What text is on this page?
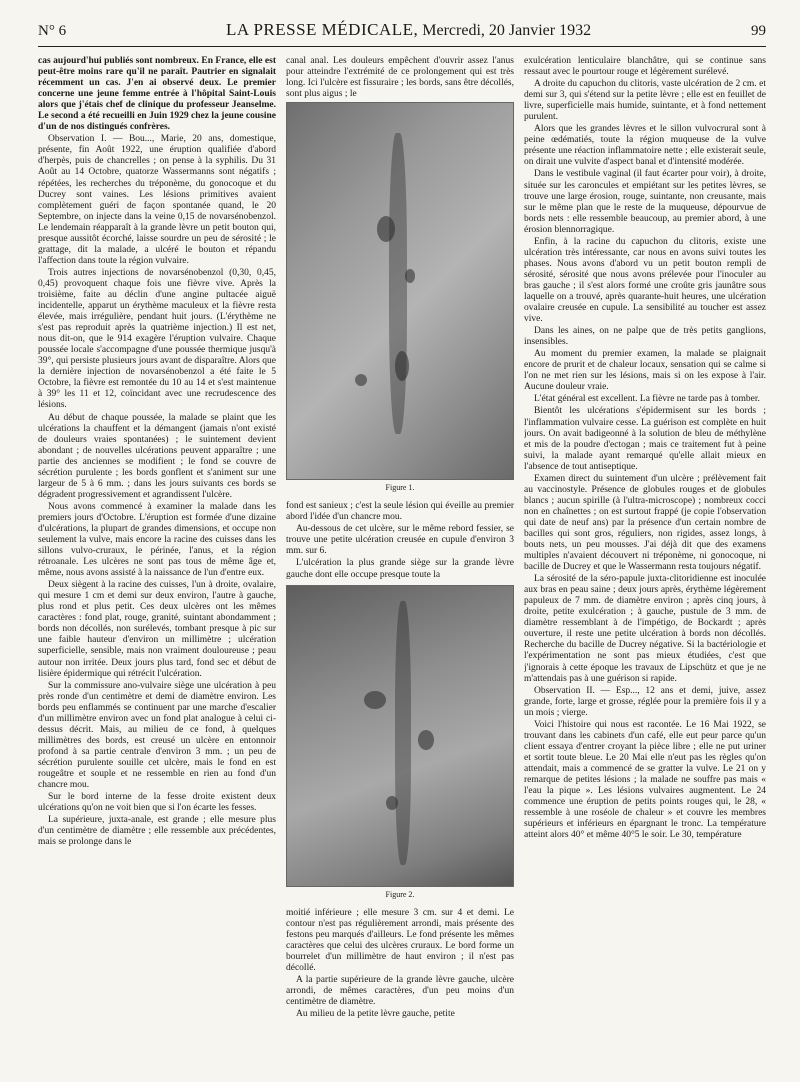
N° 6	LA PRESSE MÉDICALE, Mercredi, 20 Janvier 1932	99

cas aujourd'hui publiés sont nombreux. En France, elle est peut-être moins rare qu'il ne paraît. Pautrier en signalait récemment un cas. J'en ai observé deux. Le premier concerne une jeune femme entrée à l'hôpital Saint-Louis alors que j'étais chef de clinique du professeur Jeanselme. Le second a été recueilli en Juin 1929 chez la jeune cousine d'un de nos distingués confrères.

Observation I. — Bou..., Marie, 20 ans, domestique, présente, fin Août 1922, une éruption qualifiée d'abord d'herpès, puis de chancrelles ; on pense à la syphilis. Du 31 Août au 14 Octobre, quatorze Wassermanns sont négatifs ; répétées, les recherches du tréponème, du gonocoque et du Ducrey sont vaines. Les lésions primitives avaient complètement guéri de façon spontanée quand, le 20 Septembre, on injecte dans la veine 0,15 de novarsénobenzol. Le lendemain réapparaît à la grande lèvre un petit bouton qui, presque aussitôt écorché, laisse sourdre un peu de sérosité ; le grattage, dit la malade, a ulcéré le bouton et répandu l'affection dans toute la région vulvaire.

Trois autres injections de novarsénobenzol (0,30, 0,45, 0,45) provoquent chaque fois une fièvre vive. Après la troisième, faite au déclin d'une angine pultacée aiguë incidentelle, apparut un érythème maculeux et la fièvre resta élevée, mais irrégulière, pendant huit jours. (L'érythème ne s'est pas reproduit après la quatrième injection.) Il est net, nous dit-on, que le 914 exagère l'éruption vulvaire. Chaque poussée locale s'accompagne d'une poussée thermique jusqu'à 39°, qui persiste plusieurs jours avant de disparaître. Alors que la dernière injection de novarsénobenzol a été faite le 5 Octobre, la fièvre est remontée du 10 au 14 et s'est maintenue à 39° les 11 et 12, coïncidant avec une recrudescence des lésions.

Au début de chaque poussée, la malade se plaint que les ulcérations la chauffent et la démangent (jamais n'ont existé de douleurs vraies spontanées) ; le suintement devient abondant ; de nouvelles ulcérations peuvent apparaître ; une partie des anciennes se modifient ; le fond se couvre de sécrétion purulente ; les bords gonflent et s'animent sur une largeur de 5 à 6 mm. ; dans les jours suivants ces bords se dégradent progressivement et agrandissent l'ulcère.

Nous avons commencé à examiner la malade dans les premiers jours d'Octobre. L'éruption est formée d'une dizaine d'ulcérations, la plupart de grandes dimensions, et occupe non seulement la vulve, mais encore la racine des cuisses dans les sillons vulvo-cruraux, le périnée, l'anus, et la région rétroanale. Les ulcères ne sont pas tous de même âge et, même, nous avons assisté à la naissance de l'un d'entre eux.

Deux siègent à la racine des cuisses, l'un à droite, ovalaire, qui mesure 1 cm et demi sur deux environ, l'autre à gauche, plus rond et plus petit. Ces deux ulcères ont les mêmes caractères : fond plat, rouge, granité, suintant abondamment ; bords non décollés, non surélevés, tombant presque à pic sur une faible hauteur d'environ un millimètre ; ulcération superficielle, sensible, mais non vraiment douloureuse ; peau autour non irritée. Deux jours plus tard, fond sec et début de lisière épidermique qui rétrécit l'ulcération.

Sur la commissure ano-vulvaire siège une ulcération à peu près ronde d'un centimètre et demi de diamètre environ. Les bords peu enflammés se continuent par une marche d'escalier d'un millimètre environ avec un fond plat analogue à celui ci-dessus décrit. Mais, au milieu de ce fond, à quelques millimètres des bords, est creusé un ulcère en entonnoir profond à sa partie centrale d'environ 3 mm. ; un peu de sécrétion purulente souille cet ulcère, mais le fond en est rougeâtre et souple et ne ressemble en rien au fond d'un chancre mou.

Sur le bord interne de la fesse droite existent deux ulcérations qu'on ne voit bien que si l'on écarte les fesses.

La supérieure, juxta-anale, est grande ; elle mesure plus d'un centimètre de diamètre ; elle ressemble aux précédentes, mais se prolonge dans le

canal anal. Les douleurs empêchent d'ouvrir assez l'anus pour atteindre l'extrémité de ce prolongement qui est très long. Ici l'ulcère est fissuraire ; les bords, sans être décollés, sont plus aigus ; le

Figure 1.

fond est sanieux ; c'est la seule lésion qui éveille au premier abord l'idée d'un chancre mou.

Au-dessous de cet ulcère, sur le même rebord fessier, se trouve une petite ulcération creusée en cupule d'environ 3 mm. sur 6.

L'ulcération la plus grande siège sur la grande lèvre gauche dont elle occupe presque toute la

Figure 2.

moitié inférieure ; elle mesure 3 cm. sur 4 et demi. Le contour n'est pas régulièrement arrondi, mais présente des festons peu marqués d'ailleurs. Le fond présente les mêmes caractères que celui des ulcères cruraux. Le bord forme un bourrelet d'un millimètre de haut environ ; il n'est pas décollé.

A la partie supérieure de la grande lèvre gauche, ulcère arrondi, de mêmes caractères, d'un peu moins d'un centimètre de diamètre.

Au milieu de la petite lèvre gauche, petite

exulcération lenticulaire blanchâtre, qui se continue sans ressaut avec le pourtour rouge et légèrement surélevé.

A droite du capuchon du clitoris, vaste ulcération de 2 cm. et demi sur 3, qui s'étend sur la petite lèvre ; elle est en feuillet de livre, superficielle mais humide, suintante, et à fond nettement purulent.

Alors que les grandes lèvres et le sillon vulvocrural sont à peine œdématiés, toute la région muqueuse de la vulve présente une réaction inflammatoire nette ; elle existerait seule, on dirait une vulvite d'aspect banal et d'intensité modérée.

Dans le vestibule vaginal (il faut écarter pour voir), à droite, située sur les caroncules et empiétant sur les petites lèvres, se trouve une large érosion, rouge, suintante, non creusante, mais sur le même plan que le reste de la muqueuse, dépourvue de bords nets : elle ressemble beaucoup, au premier abord, à une érosion blennorragique.

Enfin, à la racine du capuchon du clitoris, existe une ulcération très intéressante, car nous en avons suivi toutes les phases. Nous avons d'abord vu un petit bouton rempli de sérosité, sérosité que nous avons prélevée pour l'inoculer au bras gauche ; il s'est alors formé une croûte gris jaunâtre sous laquelle on a trouvé, après quarante-huit heures, une ulcération ovalaire creusée en cupule. La sensibilité au toucher est assez vive.

Dans les aines, on ne palpe que de très petits ganglions, insensibles.

Au moment du premier examen, la malade se plaignait encore de prurit et de chaleur locaux, sensation qui se calme si l'on ne met rien sur les lésions, mais si on les expose à l'air. Aucune douleur vraie.

L'état général est excellent. La fièvre ne tarde pas à tomber.

Bientôt les ulcérations s'épidermisent sur les bords ; l'inflammation vulvaire cesse. La guérison est complète en huit jours. On avait badigeonné à la solution de bleu de méthylène et mis de la poudre d'ectogan ; mais ce traitement fut à peine suivi, la malade ayant remarqué qu'elle allait mieux en l'absence de tout antiseptique.

Examen direct du suintement d'un ulcère ; prélèvement fait au vaccinostyle. Présence de globules rouges et de globules blancs ; aucun spirille (à l'ultra-microscope) ; nombreux cocci non en chaînettes ; on est surtout frappé (je copie l'observation qui date de neuf ans) par la présence d'un certain nombre de bacilles qui sont gros, réguliers, non rigides, assez longs, à bouts nets, un peu mousses. J'ai déjà dit que des examens multiples n'avaient découvert ni tréponème, ni gonocoque, ni bacille de Ducrey et que le Wassermann resta toujours négatif.

La sérosité de la séro-papule juxta-clitoridienne est inoculée aux bras en peau saine ; deux jours après, érythème légèrement papuleux de 7 mm. de diamètre environ ; après cinq jours, à droite, petite exulcération ; à gauche, pustule de 3 mm. de diamètre ressemblant à de l'impétigo, de Bockardt ; après ouverture, il reste une petite ulcération à bords non décollés. Recherche du bacille de Ducrey négative. Si la bactériologie et l'expérimentation ne sont pas mieux étudiées, c'est que j'ignorais à cette époque les travaux de Lipschütz et que je ne m'attendais pas à une guérison si rapide.

Observation II. — Esp..., 12 ans et demi, juive, assez grande, forte, large et grosse, réglée pour la première fois il y a un mois ; vierge.

Voici l'histoire qui nous est racontée. Le 16 Mai 1922, se trouvant dans les cabinets d'un café, elle eut peur parce qu'un client essaya d'entrer croyant la pièce libre ; elle ne put uriner et sortit toute bleue. Le 20 Mai elle n'eut pas les règles qu'on attendait, mais a commencé de se gratter la vulve. Le 21 on y remarque de petites lésions ; la malade ne souffre pas mais « l'eau la pique ». Les lésions vulvaires augmentent. Le 24 commence une éruption de petits points rouges qui, le 28, « ressemble à une roséole de chaleur » et couvre les membres supérieurs et inférieurs en épargnant le tronc. La température atteint alors 40° et même 40°5 le soir. Le 30, température
